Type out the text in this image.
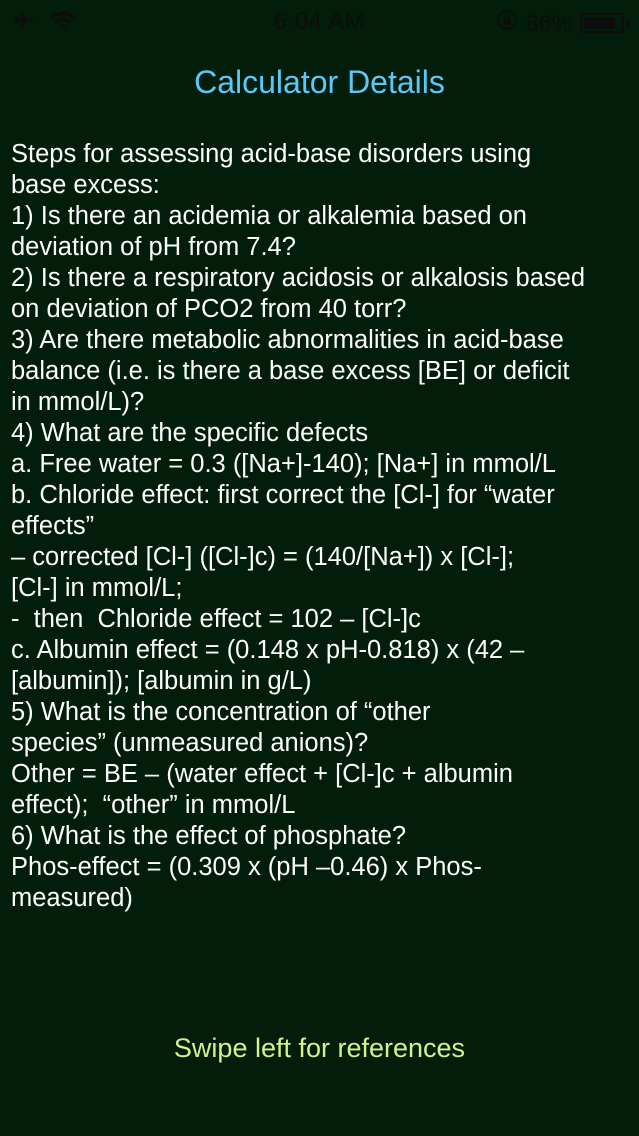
6:04 AM	86%
Calculator Details
Steps for assessing acid-base disorders using
base excess:
1) Is there an acidemia or alkalemia based on
deviation of pH from 7.4?
2) Is there a respiratory acidosis or alkalosis based
on deviation of PCO2 from 40 torr?
3) Are there metabolic abnormalities in acid-base
balance (i.e. is there a base excess [BE] or deficit
in mmol/L)?
4) What are the specific defects
a. Free water = 0.3 ([Na+]-140); [Na+] in mmol/L
b. Chloride effect: first correct the [Cl-] for “water
effects”
– corrected [Cl-] ([Cl-]c) = (140/[Na+]) x [Cl-];
[Cl-] in mmol/L;
-  then  Chloride effect = 102 – [Cl-]c
c. Albumin effect = (0.148 x pH-0.818) x (42 –
[albumin]); [albumin in g/L)
5) What is the concentration of “other
species” (unmeasured anions)?
Other = BE – (water effect + [Cl-]c + albumin
effect);  “other” in mmol/L
6) What is the effect of phosphate?
Phos-effect = (0.309 x (pH –0.46) x Phos-
measured)
Swipe left for references
